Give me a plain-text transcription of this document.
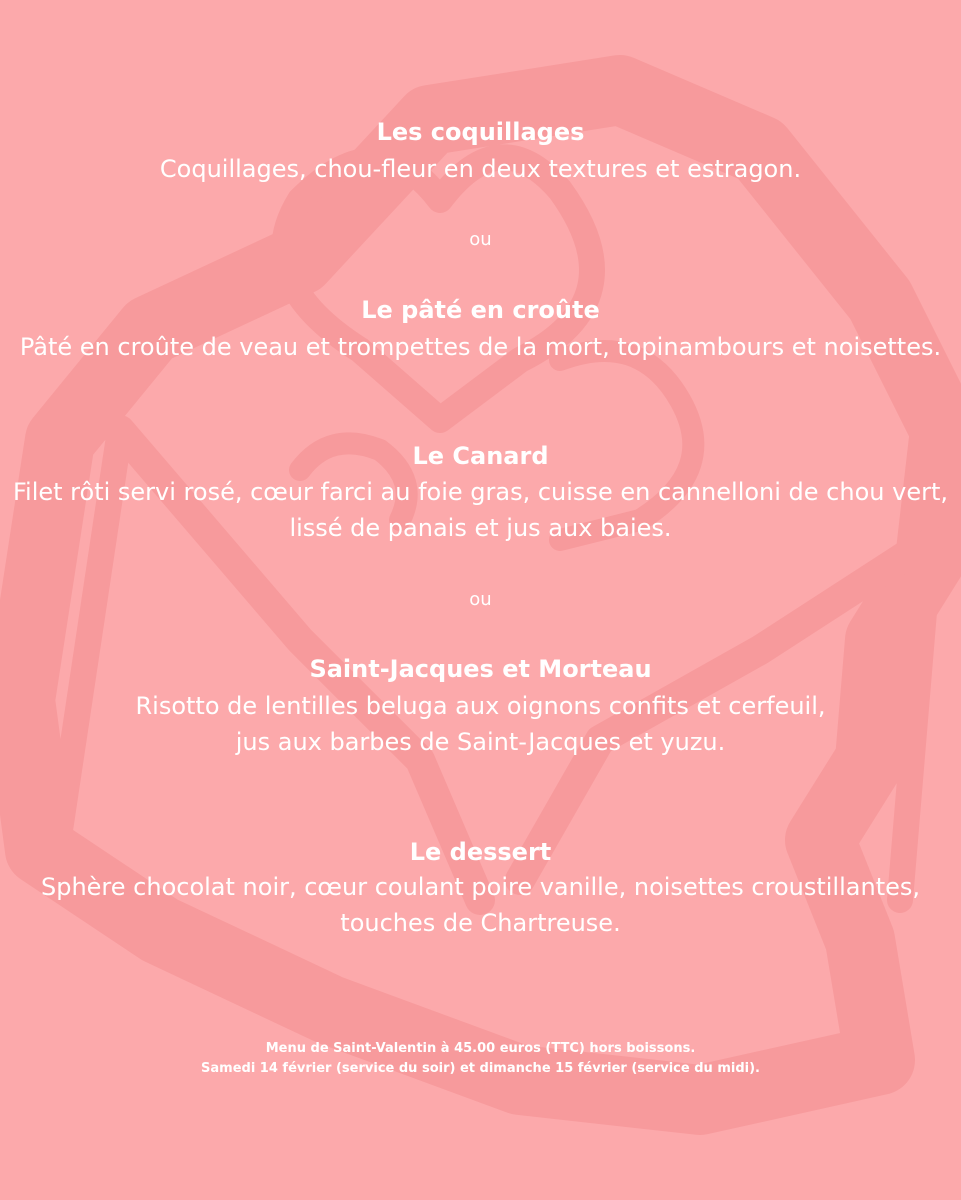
Les coquillages
Coquillages, chou-fleur en deux textures et estragon.
ou
Le pâté en croûte
Pâté en croûte de veau et trompettes de la mort, topinambours et noisettes.
Le Canard
Filet rôti servi rosé, cœur farci au foie gras, cuisse en cannelloni de chou vert,
lissé de panais et jus aux baies.
ou
Saint-Jacques et Morteau
Risotto de lentilles beluga aux oignons confits et cerfeuil,
jus aux barbes de Saint-Jacques et yuzu.
Le dessert
Sphère chocolat noir, cœur coulant poire vanille, noisettes croustillantes,
touches de Chartreuse.
Menu de Saint-Valentin à 45.00 euros (TTC) hors boissons.
Samedi 14 février (service du soir) et dimanche 15 février (service du midi).
